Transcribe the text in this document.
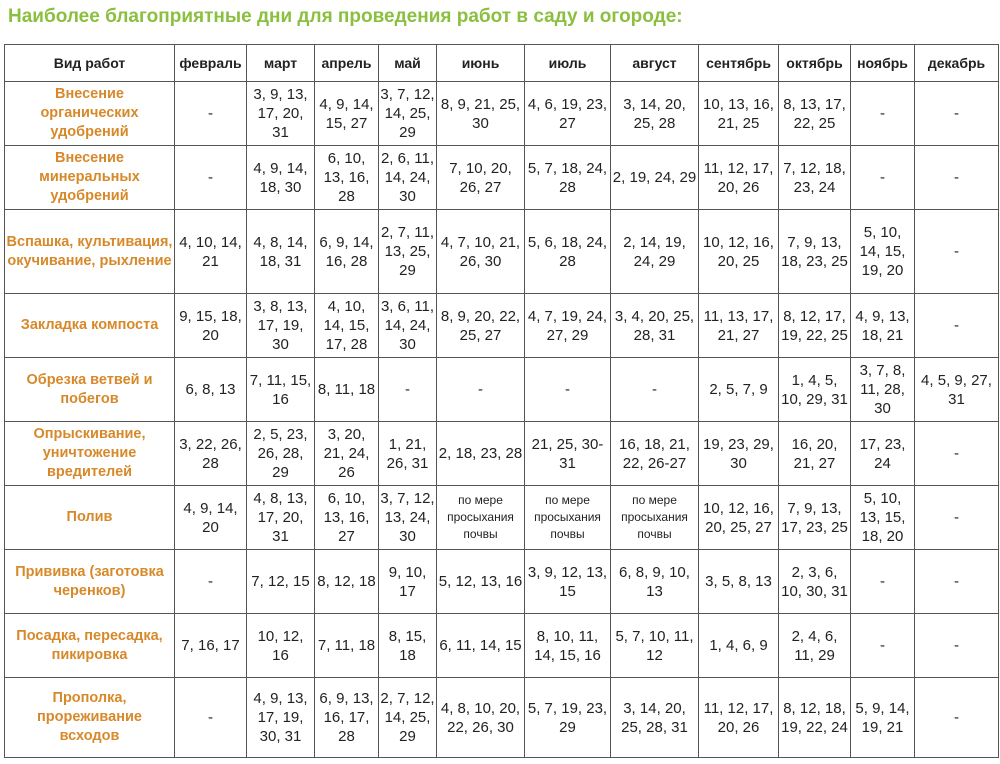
Наиболее благоприятные дни для проведения работ в саду и огороде:
Вид работ	февраль	март	апрель	май	июнь	июль	август	сентябрь	октябрь	ноябрь	декабрь
Внесение органических удобрений	-	3, 9, 13, 17, 20, 31	4, 9, 14, 15, 27	3, 7, 12, 14, 25, 29	8, 9, 21, 25, 30	4, 6, 19, 23, 27	3, 14, 20, 25, 28	10, 13, 16, 21, 25	8, 13, 17, 22, 25	-	-
Внесение минеральных удобрений	-	4, 9, 14, 18, 30	6, 10, 13, 16, 28	2, 6, 11, 14, 24, 30	7, 10, 20, 26, 27	5, 7, 18, 24, 28	2, 19, 24, 29	11, 12, 17, 20, 26	7, 12, 18, 23, 24	-	-
Вспашка, культивация, окучивание, рыхление	4, 10, 14, 21	4, 8, 14, 18, 31	6, 9, 14, 16, 28	2, 7, 11, 13, 25, 29	4, 7, 10, 21, 26, 30	5, 6, 18, 24, 28	2, 14, 19, 24, 29	10, 12, 16, 20, 25	7, 9, 13, 18, 23, 25	5, 10, 14, 15, 19, 20	-
Закладка компоста	9, 15, 18, 20	3, 8, 13, 17, 19, 30	4, 10, 14, 15, 17, 28	3, 6, 11, 14, 24, 30	8, 9, 20, 22, 25, 27	4, 7, 19, 24, 27, 29	3, 4, 20, 25, 28, 31	11, 13, 17, 21, 27	8, 12, 17, 19, 22, 25	4, 9, 13, 18, 21	-
Обрезка ветвей и побегов	6, 8, 13	7, 11, 15, 16	8, 11, 18	-	-	-	-	2, 5, 7, 9	1, 4, 5, 10, 29, 31	3, 7, 8, 11, 28, 30	4, 5, 9, 27, 31
Опрыскивание, уничтожение вредителей	3, 22, 26, 28	2, 5, 23, 26, 28, 29	3, 20, 21, 24, 26	1, 21, 26, 31	2, 18, 23, 28	21, 25, 30-31	16, 18, 21, 22, 26-27	19, 23, 29, 30	16, 20, 21, 27	17, 23, 24	-
Полив	4, 9, 14, 20	4, 8, 13, 17, 20, 31	6, 10, 13, 16, 27	3, 7, 12, 13, 24, 30	по мере просыхания почвы	по мере просыхания почвы	по мере просыхания почвы	10, 12, 16, 20, 25, 27	7, 9, 13, 17, 23, 25	5, 10, 13, 15, 18, 20	-
Прививка (заготовка черенков)	-	7, 12, 15	8, 12, 18	9, 10, 17	5, 12, 13, 16	3, 9, 12, 13, 15	6, 8, 9, 10, 13	3, 5, 8, 13	2, 3, 6, 10, 30, 31	-	-
Посадка, пересадка, пикировка	7, 16, 17	10, 12, 16	7, 11, 18	8, 15, 18	6, 11, 14, 15	8, 10, 11, 14, 15, 16	5, 7, 10, 11, 12	1, 4, 6, 9	2, 4, 6, 11, 29	-	-
Прополка, прореживание всходов	-	4, 9, 13, 17, 19, 30, 31	6, 9, 13, 16, 17, 28	2, 7, 12, 14, 25, 29	4, 8, 10, 20, 22, 26, 30	5, 7, 19, 23, 29	3, 14, 20, 25, 28, 31	11, 12, 17, 20, 26	8, 12, 18, 19, 22, 24	5, 9, 14, 19, 21	-
